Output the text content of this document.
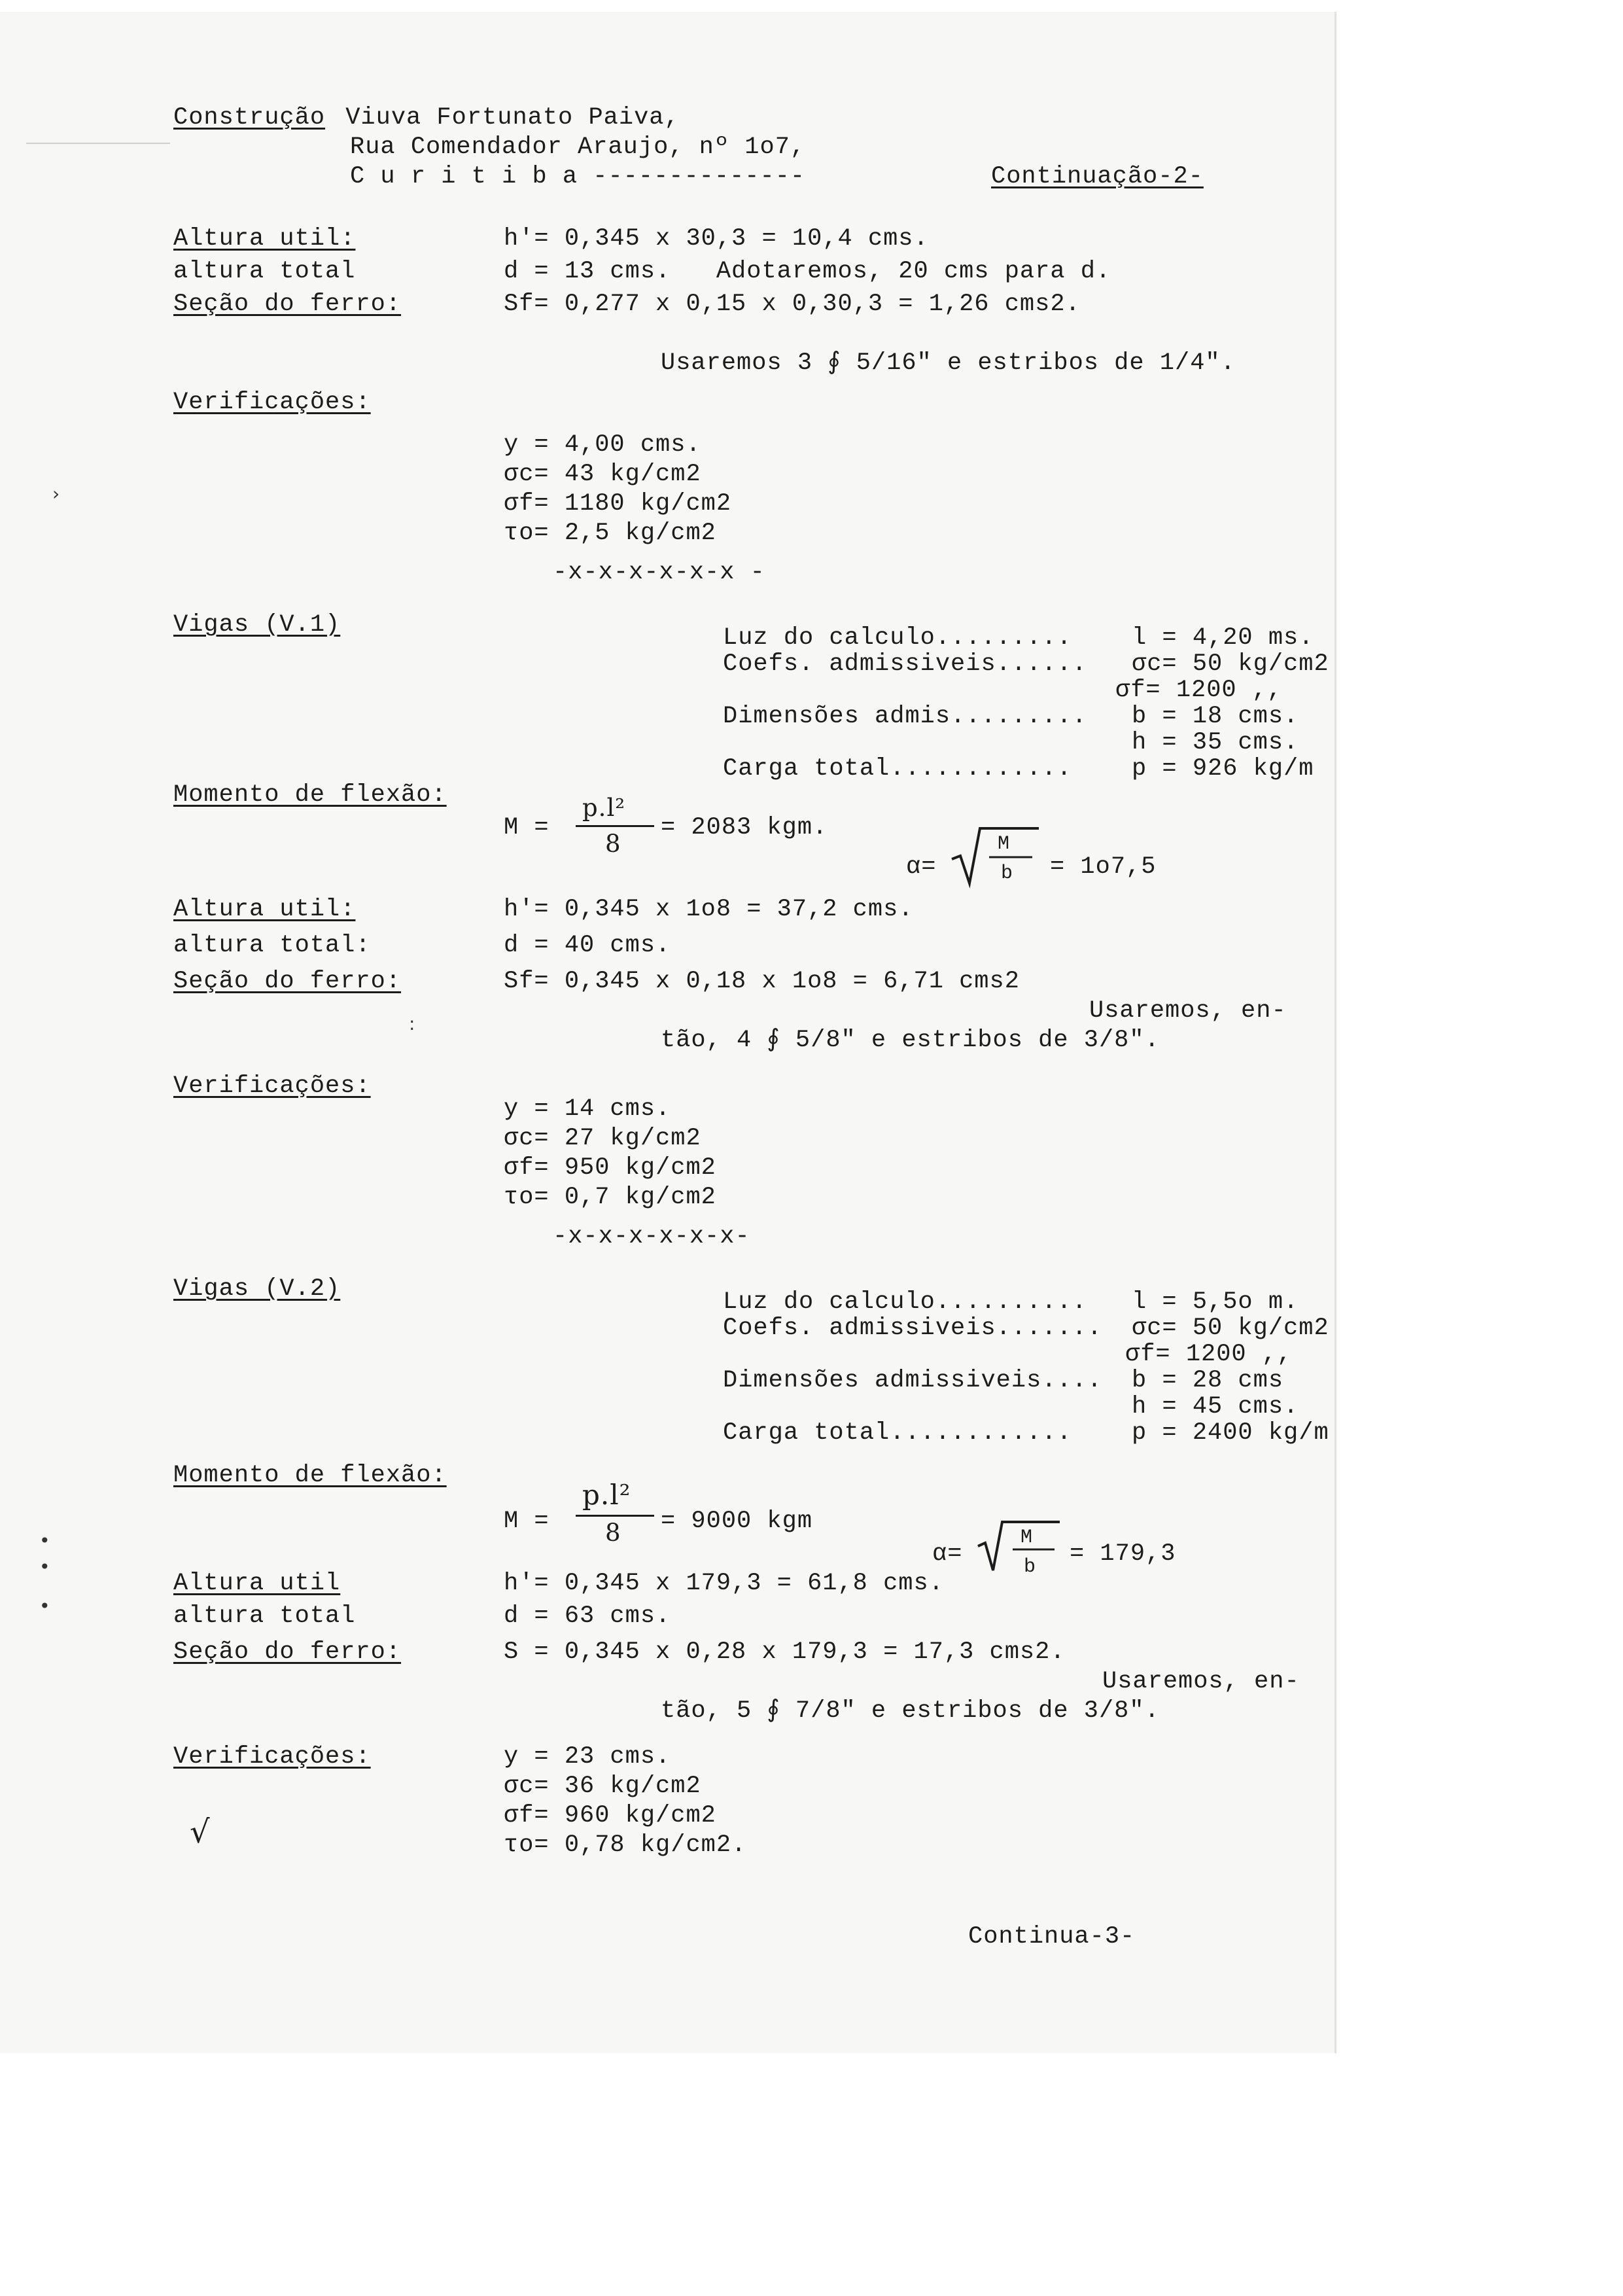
Construção Viuva Fortunato Paiva,
Rua Comendador Araujo, nº 1o7,
C u r i t i b a --------------	Continuação-2-
Altura util:	h'= 0,345 x 30,3 = 10,4 cms.
altura total	d = 13 cms.   Adotaremos, 20 cms para d.
Seção do ferro:	Sf= 0,277 x 0,15 x 0,30,3 = 1,26 cms2.
Usaremos 3 ∮ 5/16" e estribos de 1/4".
Verificações:
y = 4,00 cms.
σc= 43 kg/cm2
σf= 1180 kg/cm2
τo= 2,5 kg/cm2
-x-x-x-x-x-x -
›
Vigas (V.1)	Luz do calculo......... l = 4,20 ms.
Coefs. admissiveis...... σc= 50 kg/cm2
σf= 1200 ,,
Dimensões admis......... b = 18 cms.
h = 35 cms.
Carga total............ p = 926 kg/m
Momento de flexão:
M =
p.l²
8
= 2083 kgm.
α=
M
b = 1o7,5
Altura util:	h'= 0,345 x 1o8 = 37,2 cms.
altura total:	d = 40 cms.
Seção do ferro:	Sf= 0,345 x 0,18 x 1o8 = 6,71 cms2
Usaremos, en-
tão, 4 ∮ 5/8" e estribos de 3/8".
:
Verificações:
y = 14 cms.
σc= 27 kg/cm2
σf= 950 kg/cm2
τo= 0,7 kg/cm2
-x-x-x-x-x-x-
Vigas (V.2)	Luz do calculo.......... l = 5,5o m.
Coefs. admissiveis....... σc= 50 kg/cm2
σf= 1200 ,,
Dimensões admissiveis.... b = 28 cms
h = 45 cms.
Carga total............ p = 2400 kg/m
Momento de flexão:
M =
p.l²
8 = 9000 kgm
α=
M
b = 179,3
Altura util	h'= 0,345 x 179,3 = 61,8 cms.
altura total	d = 63 cms.
Seção do ferro:	S = 0,345 x 0,28 x 179,3 = 17,3 cms2.
Usaremos, en-
tão, 5 ∮ 7/8" e estribos de 3/8".
Verificações:	y = 23 cms.
σc= 36 kg/cm2
σf= 960 kg/cm2
τo= 0,78 kg/cm2.
•
•
•
√
Continua-3-
